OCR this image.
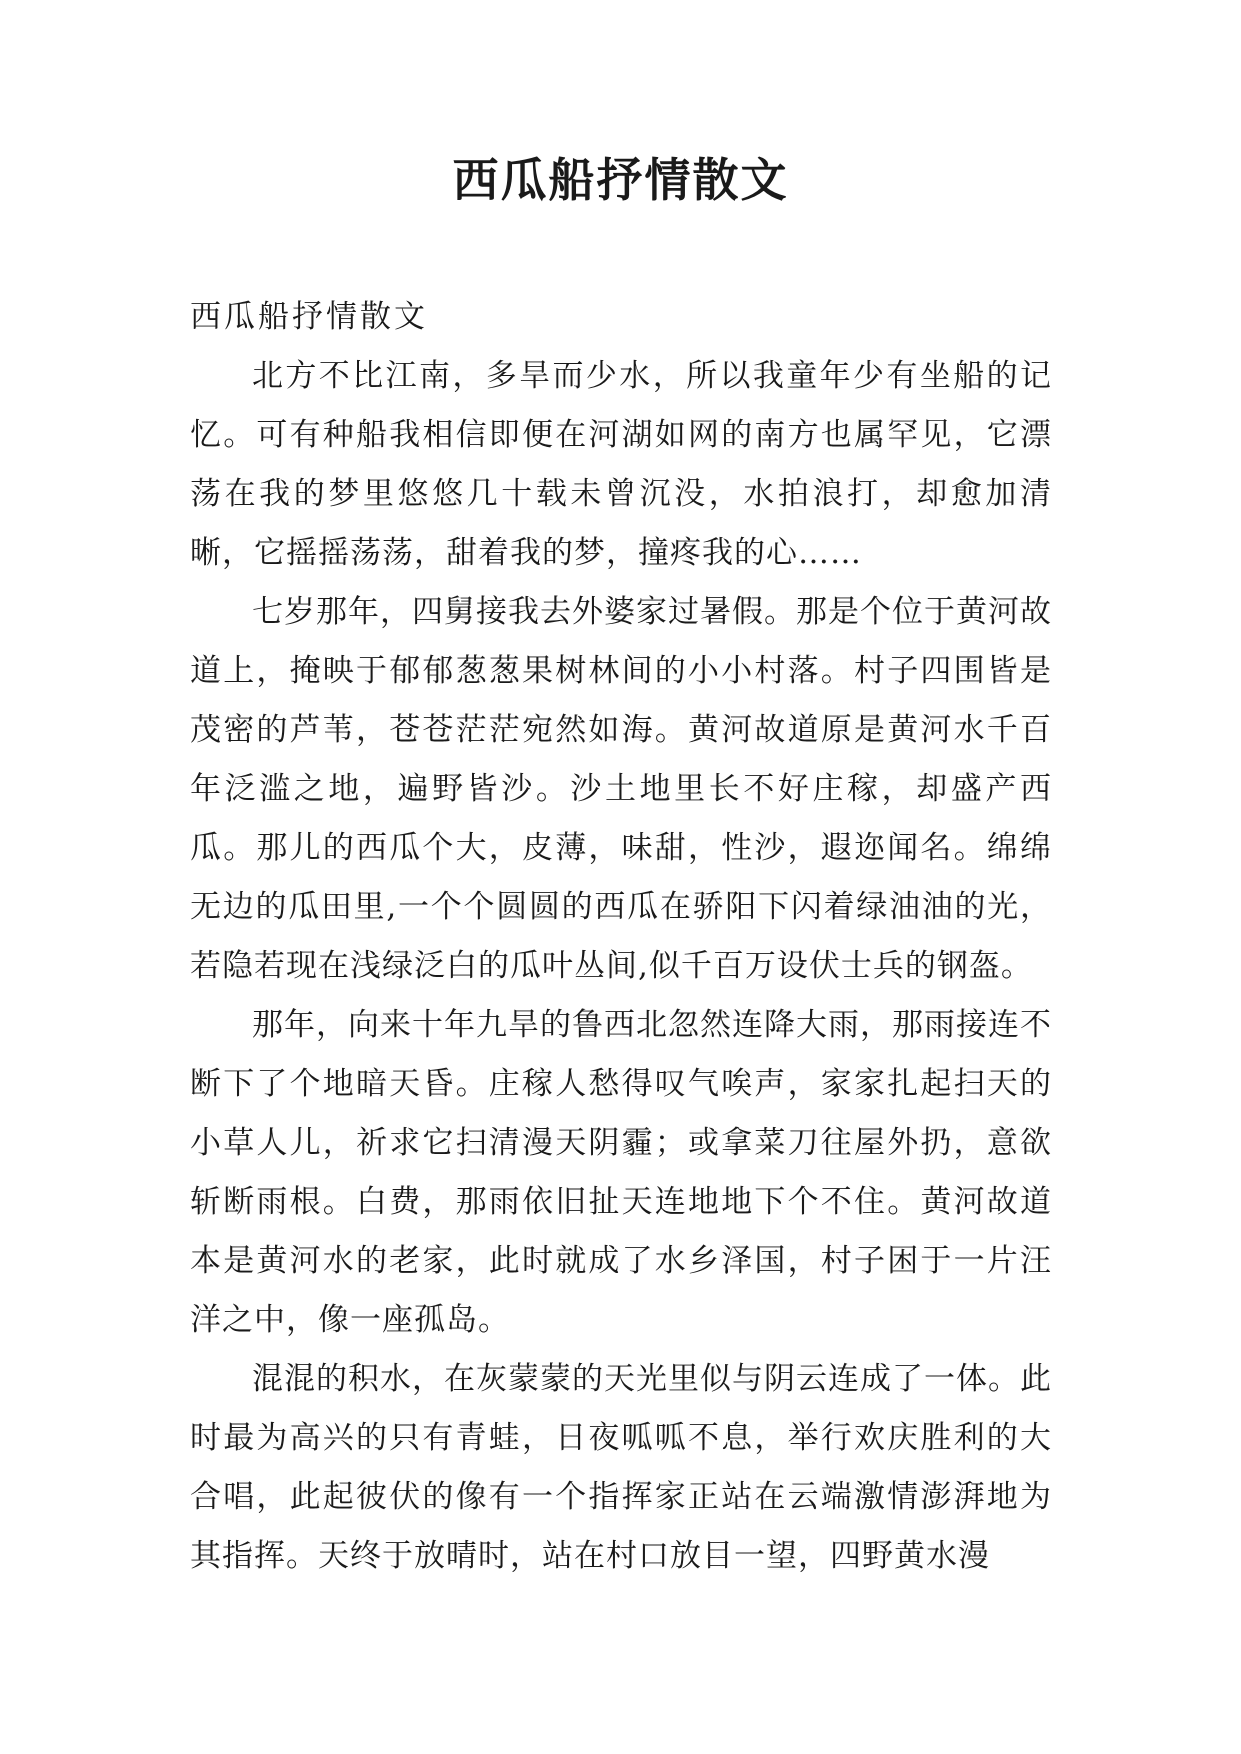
西瓜船抒情散文

西瓜船抒情散文

北方不比江南，多旱而少水，所以我童年少有坐船的记忆。可有种船我相信即便在河湖如网的南方也属罕见，它漂荡在我的梦里悠悠几十载未曾沉没，水拍浪打，却愈加清晰，它摇摇荡荡，甜着我的梦，撞疼我的心……

七岁那年，四舅接我去外婆家过暑假。那是个位于黄河故道上，掩映于郁郁葱葱果树林间的小小村落。村子四围皆是茂密的芦苇，苍苍茫茫宛然如海。黄河故道原是黄河水千百年泛滥之地，遍野皆沙。沙土地里长不好庄稼，却盛产西瓜。那儿的西瓜个大，皮薄，味甜，性沙，遐迩闻名。绵绵无边的瓜田里,一个个圆圆的西瓜在骄阳下闪着绿油油的光，若隐若现在浅绿泛白的瓜叶丛间,似千百万设伏士兵的钢盔。

那年，向来十年九旱的鲁西北忽然连降大雨，那雨接连不断下了个地暗天昏。庄稼人愁得叹气唉声，家家扎起扫天的小草人儿，祈求它扫清漫天阴霾；或拿菜刀往屋外扔，意欲斩断雨根。白费，那雨依旧扯天连地地下个不住。黄河故道本是黄河水的老家，此时就成了水乡泽国，村子困于一片汪洋之中，像一座孤岛。

混混的积水，在灰蒙蒙的天光里似与阴云连成了一体。此时最为高兴的只有青蛙，日夜呱呱不息，举行欢庆胜利的大合唱，此起彼伏的像有一个指挥家正站在云端激情澎湃地为其指挥。天终于放晴时，站在村口放目一望，四野黄水漫
